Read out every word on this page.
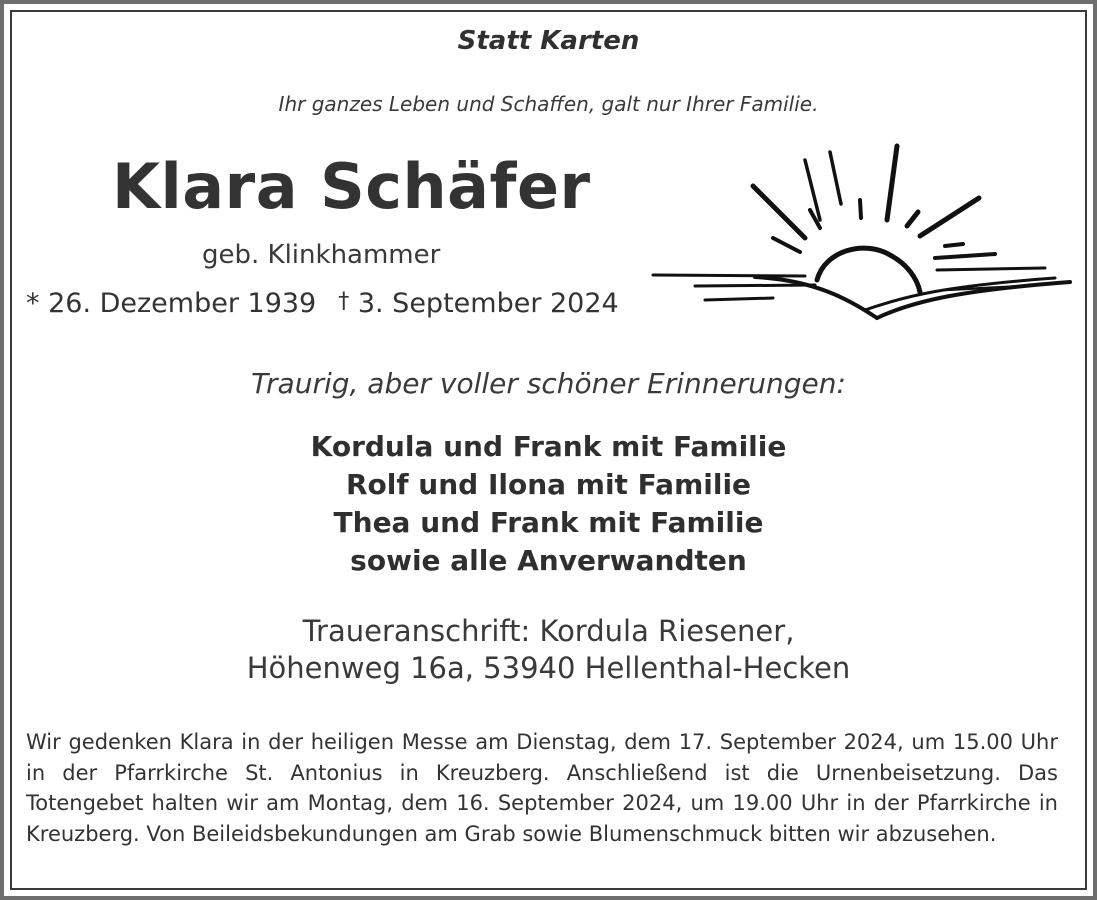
Statt Karten
Ihr ganzes Leben und Schaffen, galt nur Ihrer Familie.
Klara Schäfer
geb. Klinkhammer
* 26. Dezember 1939 † 3. September 2024
Traurig, aber voller schöner Erinnerungen:
Kordula und Frank mit Familie
Rolf und Ilona mit Familie
Thea und Frank mit Familie
sowie alle Anverwandten
Traueranschrift: Kordula Riesener,
Höhenweg 16a, 53940 Hellenthal-Hecken
Wir gedenken Klara in der heiligen Messe am Dienstag, dem 17. September 2024, um 15.00 Uhr in der Pfarrkirche St. Antonius in Kreuzberg. Anschließend ist die Urnenbeisetzung. Das Totengebet halten wir am Montag, dem 16. September 2024, um 19.00 Uhr in der Pfarrkirche in Kreuzberg. Von Beileidsbekundungen am Grab sowie Blumenschmuck bitten wir abzusehen.
